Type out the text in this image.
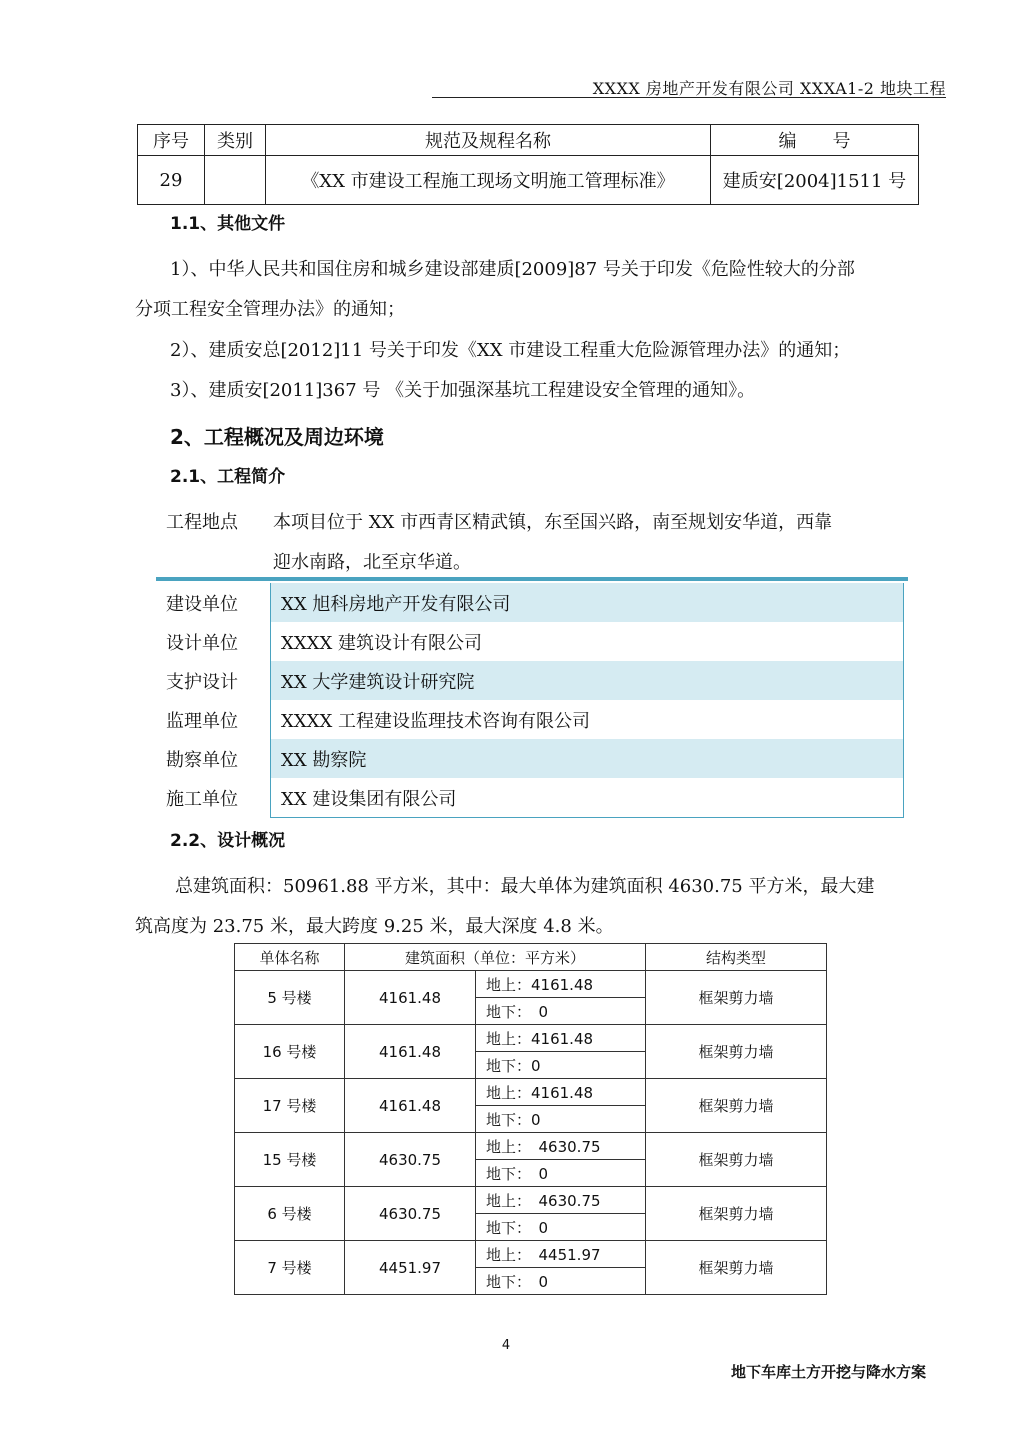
XXXX 房地产开发有限公司 XXXA1-2 地块工程
序号	类别	规范及规程名称	编　　号
29		《XX 市建设工程施工现场文明施工管理标准》	建质安[2004]1511 号
1.1、其他文件
1）、中华人民共和国住房和城乡建设部建质[2009]87 号关于印发《危险性较大的分部
分项工程安全管理办法》的通知；
2）、建质安总[2012]11 号关于印发《XX 市建设工程重大危险源管理办法》的通知；
3）、建质安[2011]367 号 《关于加强深基坑工程建设安全管理的通知》。
2、工程概况及周边环境
2.1、工程简介
工程地点 本项目位于 XX 市西青区精武镇，东至国兴路，南至规划安华道，西靠
迎水南路，北至京华道。
建设单位	XX 旭科房地产开发有限公司
设计单位	XXXX 建筑设计有限公司
支护设计	XX 大学建筑设计研究院
监理单位	XXXX 工程建设监理技术咨询有限公司
勘察单位	XX 勘察院
施工单位	XX 建设集团有限公司
2.2、设计概况
总建筑面积：50961.88 平方米，其中：最大单体为建筑面积 4630.75 平方米，最大建
筑高度为 23.75 米，最大跨度 9.25 米，最大深度 4.8 米。
单体名称	建筑面积（单位：平方米）		结构类型
5 号楼	4161.48	地上：4161.48	框架剪力墙
		地下：　0	
16 号楼	4161.48	地上：4161.48	框架剪力墙
		地下：0	
17 号楼	4161.48	地上：4161.48	框架剪力墙
		地下：0	
15 号楼	4630.75	地上：　4630.75	框架剪力墙
		地下：　0	
6 号楼	4630.75	地上：　4630.75	框架剪力墙
		地下：　0	
7 号楼	4451.97	地上：　4451.97	框架剪力墙
		地下：　0	
4
地下车库土方开挖与降水方案
